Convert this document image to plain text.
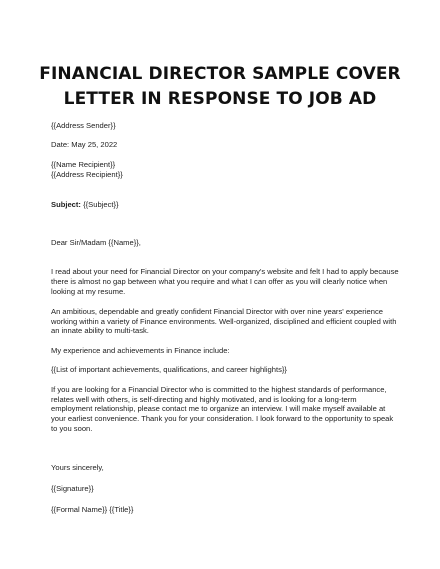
FINANCIAL DIRECTOR SAMPLE COVER
LETTER IN RESPONSE TO JOB AD
{{Address Sender}}
Date: May 25, 2022
{{Name Recipient}}
{{Address Recipient}}
Subject: {{Subject}}
Dear Sir/Madam {{Name}},
I read about your need for Financial Director on your company's website and felt I had to apply because
there is almost no gap between what you require and what I can offer as you will clearly notice when
looking at my resume.
An ambitious, dependable and greatly confident Financial Director with over nine years' experience
working within a variety of Finance environments. Well-organized, disciplined and efficient coupled with
an innate ability to multi-task.
My experience and achievements in Finance include:
{{List of important achievements, qualifications, and career highlights}}
If you are looking for a Financial Director who is committed to the highest standards of performance,
relates well with others, is self-directing and highly motivated, and is looking for a long-term
employment relationship, please contact me to organize an interview. I will make myself available at
your earliest convenience. Thank you for your consideration. I look forward to the opportunity to speak
to you soon.
Yours sincerely,
{{Signature}}
{{Formal Name}} {{Title}}
